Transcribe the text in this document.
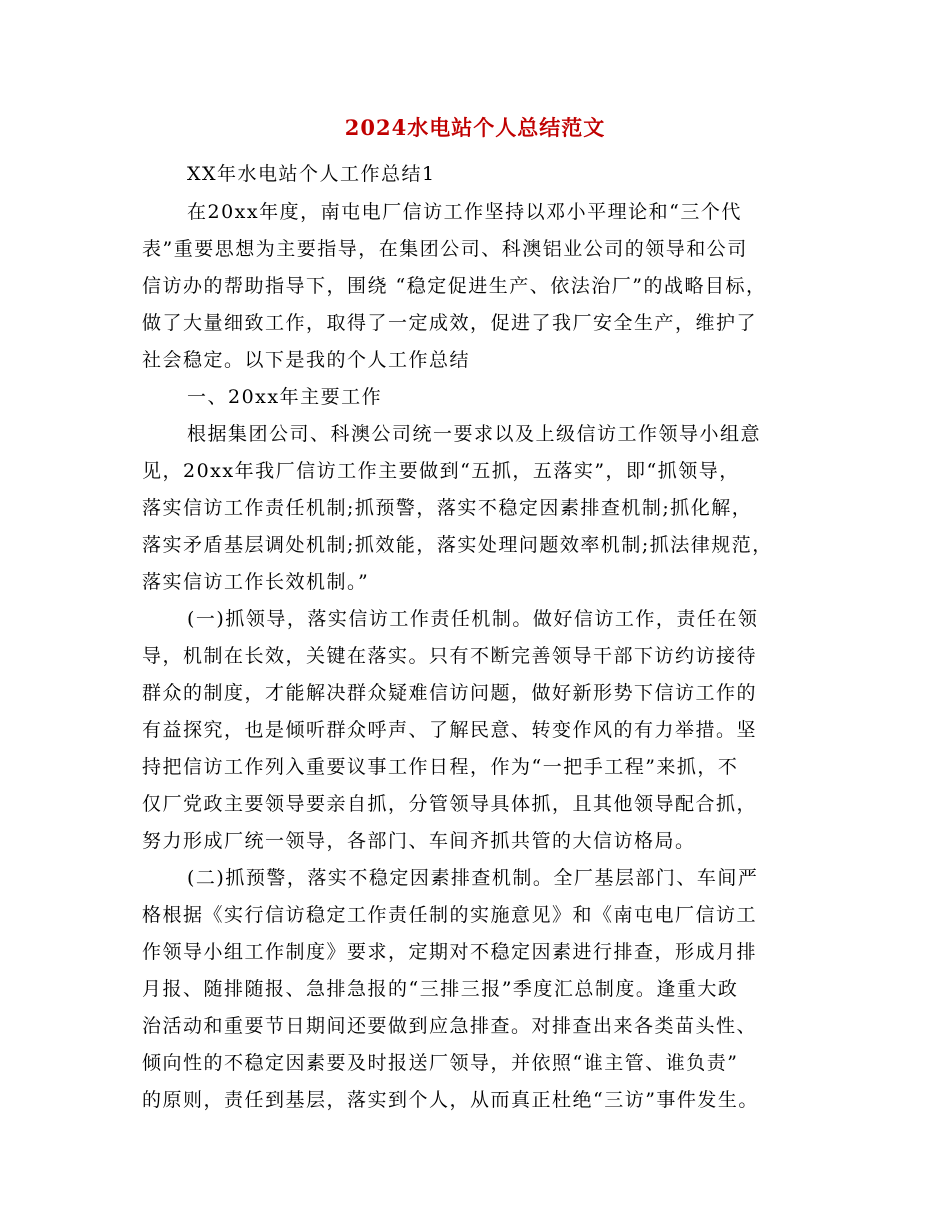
2024水电站个人总结范文
XX年水电站个人工作总结1
在20xx年度，南屯电厂信访工作坚持以邓小平理论和“三个代
表”重要思想为主要指导，在集团公司、科澳铝业公司的领导和公司
信访办的帮助指导下，围绕 “稳定促进生产、依法治厂”的战略目标，
做了大量细致工作，取得了一定成效，促进了我厂安全生产，维护了
社会稳定。以下是我的个人工作总结
一、20xx年主要工作
根据集团公司、科澳公司统一要求以及上级信访工作领导小组意
见，20xx年我厂信访工作主要做到“五抓，五落实”，即“抓领导，
落实信访工作责任机制;抓预警，落实不稳定因素排查机制;抓化解，
落实矛盾基层调处机制;抓效能，落实处理问题效率机制;抓法律规范，
落实信访工作长效机制。”
(一)抓领导，落实信访工作责任机制。做好信访工作，责任在领
导，机制在长效，关键在落实。只有不断完善领导干部下访约访接待
群众的制度，才能解决群众疑难信访问题，做好新形势下信访工作的
有益探究，也是倾听群众呼声、了解民意、转变作风的有力举措。坚
持把信访工作列入重要议事工作日程，作为“一把手工程”来抓，不
仅厂党政主要领导要亲自抓，分管领导具体抓，且其他领导配合抓，
努力形成厂统一领导，各部门、车间齐抓共管的大信访格局。
(二)抓预警，落实不稳定因素排查机制。全厂基层部门、车间严
格根据《实行信访稳定工作责任制的实施意见》和《南屯电厂信访工
作领导小组工作制度》要求，定期对不稳定因素进行排查，形成月排
月报、随排随报、急排急报的“三排三报”季度汇总制度。逢重大政
治活动和重要节日期间还要做到应急排查。对排查出来各类苗头性、
倾向性的不稳定因素要及时报送厂领导，并依照“谁主管、谁负责”
的原则，责任到基层，落实到个人，从而真正杜绝“三访”事件发生。
